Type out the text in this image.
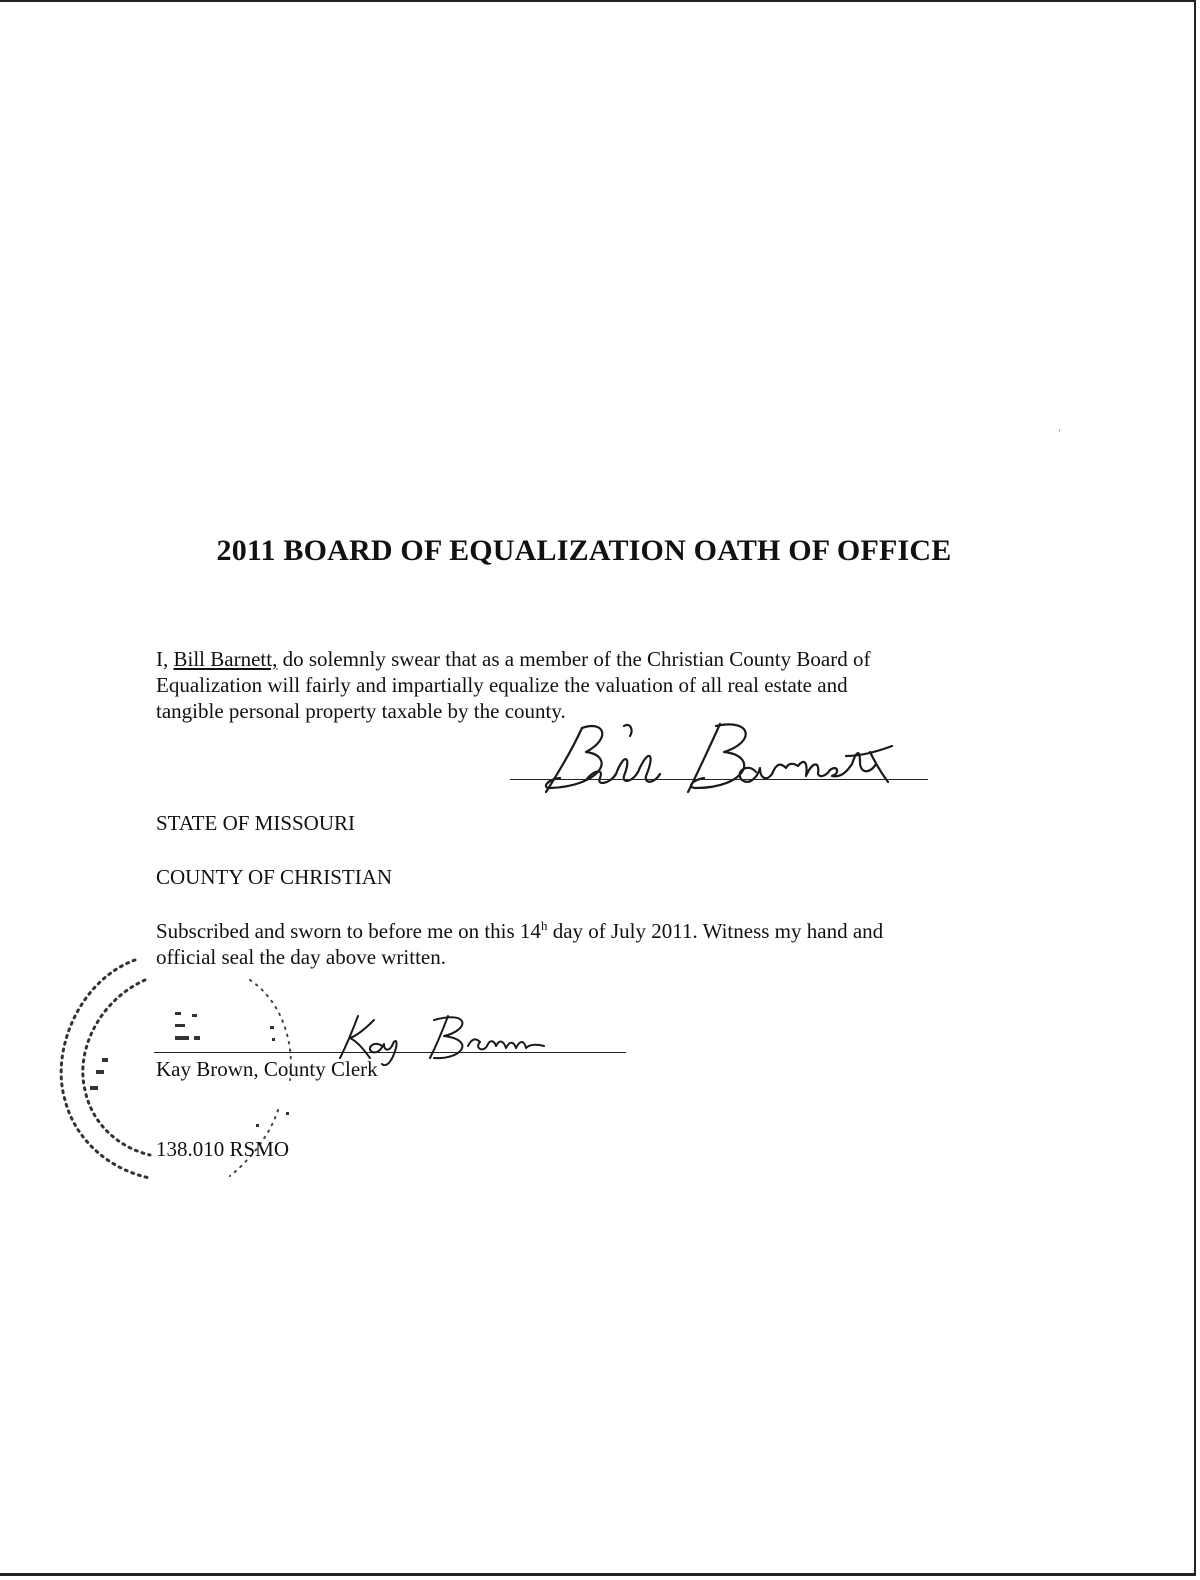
’
2011 BOARD OF EQUALIZATION OATH OF OFFICE
I, Bill Barnett, do solemnly swear that as a member of the Christian County Board of
Equalization will fairly and impartially equalize the valuation of all real estate and
tangible personal property taxable by the county.
STATE OF MISSOURI
COUNTY OF CHRISTIAN
Subscribed and sworn to before me on this 14$^h$ day of July 2011. Witness my hand and
official seal the day above written.
Kay Brown, County Clerk
138.010 RSMO
